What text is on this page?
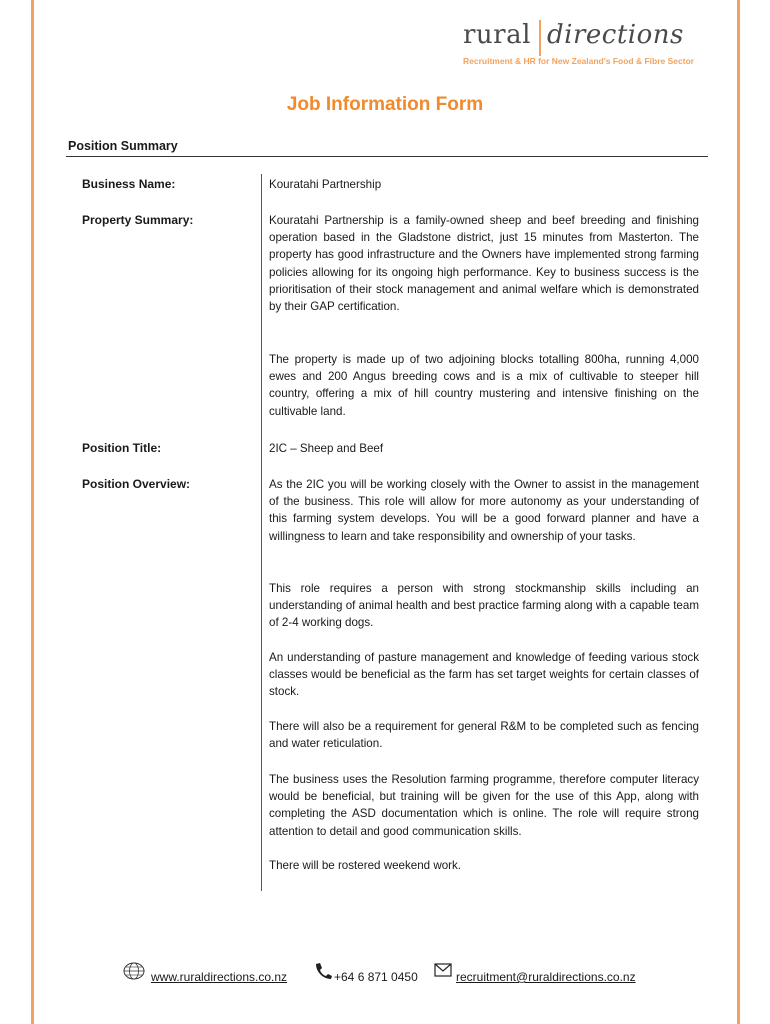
rural directions
Recruitment & HR for New Zealand's Food & Fibre Sector
Job Information Form
Position Summary
Business Name:	Kouratahi Partnership
Property Summary:	Kouratahi Partnership is a family-owned sheep and beef breeding and finishing operation based in the Gladstone district, just 15 minutes from Masterton. The property has good infrastructure and the Owners have implemented strong farming policies allowing for its ongoing high performance. Key to business success is the prioritisation of their stock management and animal welfare which is demonstrated by their GAP certification.
The property is made up of two adjoining blocks totalling 800ha, running 4,000 ewes and 200 Angus breeding cows and is a mix of cultivable to steeper hill country, offering a mix of hill country mustering and intensive finishing on the cultivable land.
Position Title:	2IC – Sheep and Beef
Position Overview:	As the 2IC you will be working closely with the Owner to assist in the management of the business. This role will allow for more autonomy as your understanding of this farming system develops. You will be a good forward planner and have a willingness to learn and take responsibility and ownership of your tasks.
This role requires a person with strong stockmanship skills including an understanding of animal health and best practice farming along with a capable team of 2-4 working dogs.
An understanding of pasture management and knowledge of feeding various stock classes would be beneficial as the farm has set target weights for certain classes of stock.
There will also be a requirement for general R&M to be completed such as fencing and water reticulation.
The business uses the Resolution farming programme, therefore computer literacy would be beneficial, but training will be given for the use of this App, along with completing the ASD documentation which is online. The role will require strong attention to detail and good communication skills.
There will be rostered weekend work.
www.ruraldirections.co.nz	+64 6 871 0450	recruitment@ruraldirections.co.nz
